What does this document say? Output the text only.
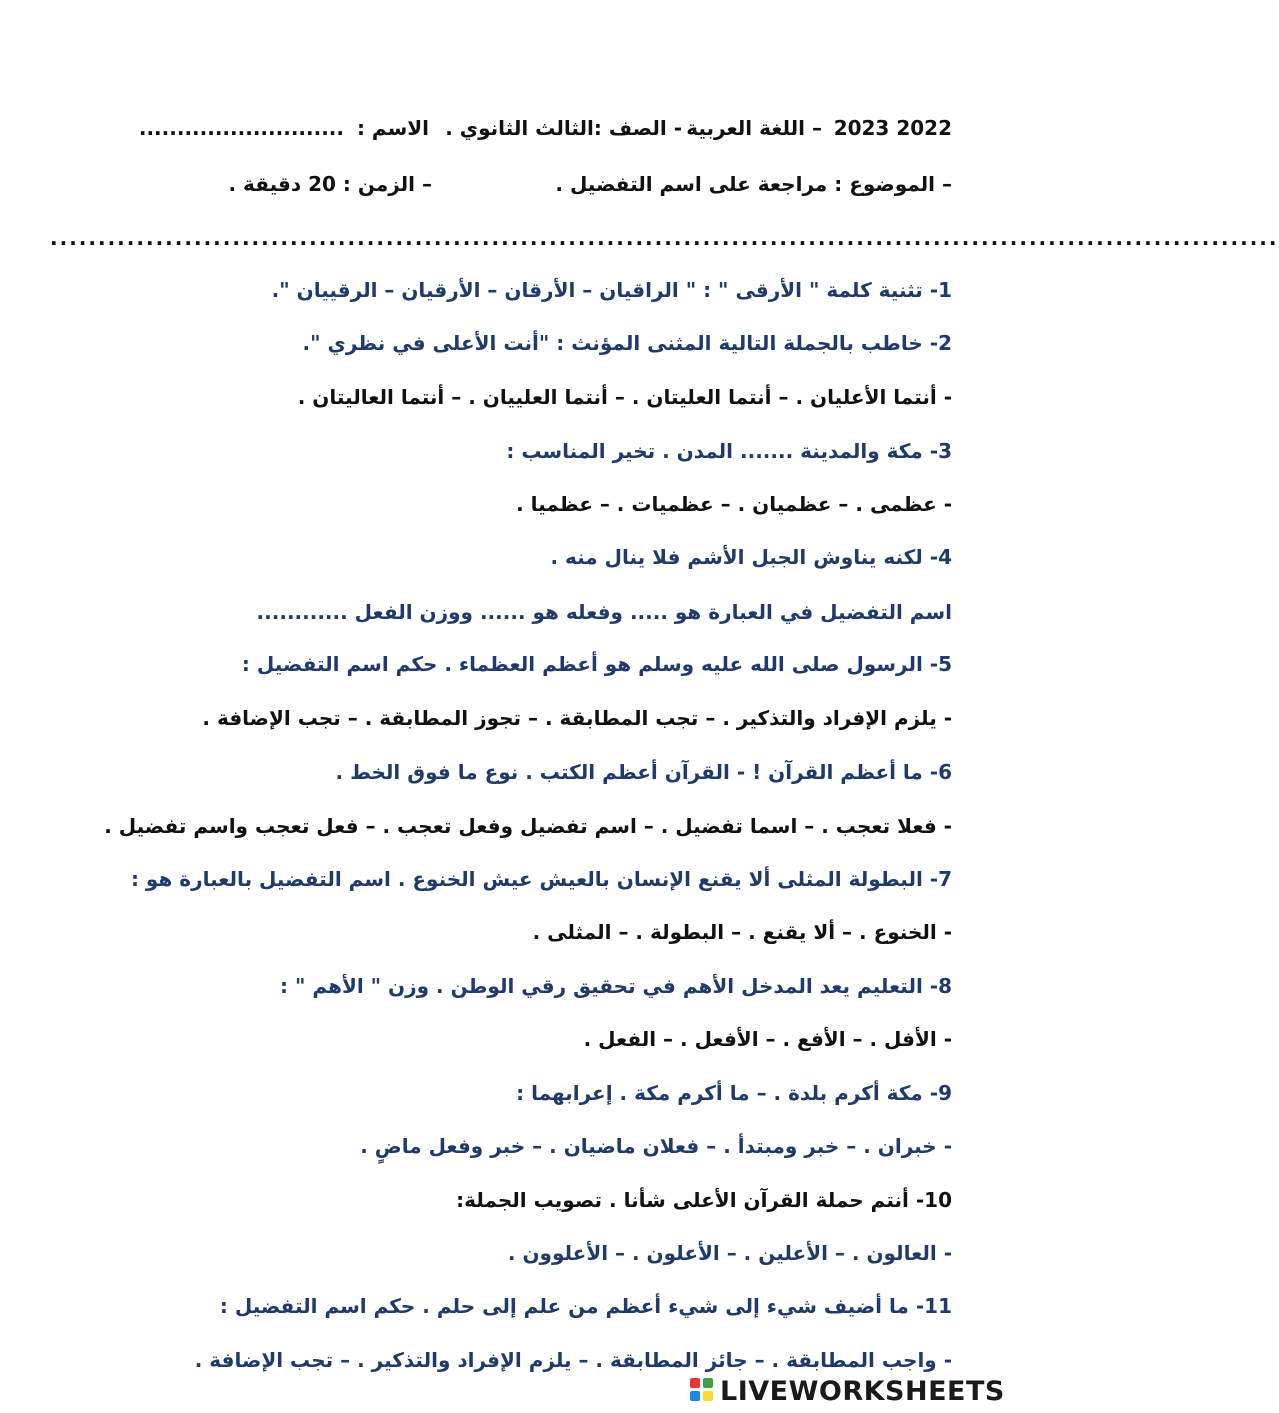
2022 2023
– اللغة العربية
- الصف :الثالث الثانوي .
الاسم :
...........................
– الموضوع : مراجعة على اسم التفضيل .
– الزمن : 20 دقيقة .
................................................................................................................................
1- تثنية كلمة " الأرقى " : " الراقيان – الأرقان – الأرقيان – الرقييان ".
2- خاطب بالجملة التالية المثنى المؤنث : "أنت الأعلى في نظري ".
- أنتما الأعليان . – أنتما العليتان . – أنتما العلييان . – أنتما العاليتان .
3- مكة والمدينة ....... المدن . تخير المناسب :
- عظمى . – عظميان . – عظميات . – عظميا .
4- لكنه يناوش الجبل الأشم فلا ينال منه .
اسم التفضيل في العبارة هو ..... وفعله هو ...... ووزن الفعل ............
5- الرسول صلى الله عليه وسلم هو أعظم العظماء . حكم اسم التفضيل :
- يلزم الإفراد والتذكير . – تجب المطابقة . – تجوز المطابقة . – تجب الإضافة .
6- ما أعظم القرآن ! - القرآن أعظم الكتب . نوع ما فوق الخط .
- فعلا تعجب . – اسما تفضيل . – اسم تفضيل وفعل تعجب . – فعل تعجب واسم تفضيل .
7- البطولة المثلى ألا يقنع الإنسان بالعيش عيش الخنوع . اسم التفضيل بالعبارة هو :
- الخنوع . – ألا يقنع . – البطولة . – المثلى .
8- التعليم يعد المدخل الأهم في تحقيق رقي الوطن . وزن " الأهم " :
- الأفل . – الأفع . – الأفعل . – الفعل .
9- مكة أكرم بلدة . – ما أكرم مكة . إعرابهما :
- خبران . – خبر ومبتدأ . – فعلان ماضيان . – خبر وفعل ماضٍ .
10- أنتم حملة القرآن الأعلى شأنا . تصويب الجملة:
- العالون . – الأعلين . – الأعلون . – الأعلوون .
11- ما أضيف شيء إلى شيء أعظم من علم إلى حلم . حكم اسم التفضيل :
- واجب المطابقة . – جائز المطابقة . – يلزم الإفراد والتذكير . – تجب الإضافة .
LIVEWORKSHEETS
